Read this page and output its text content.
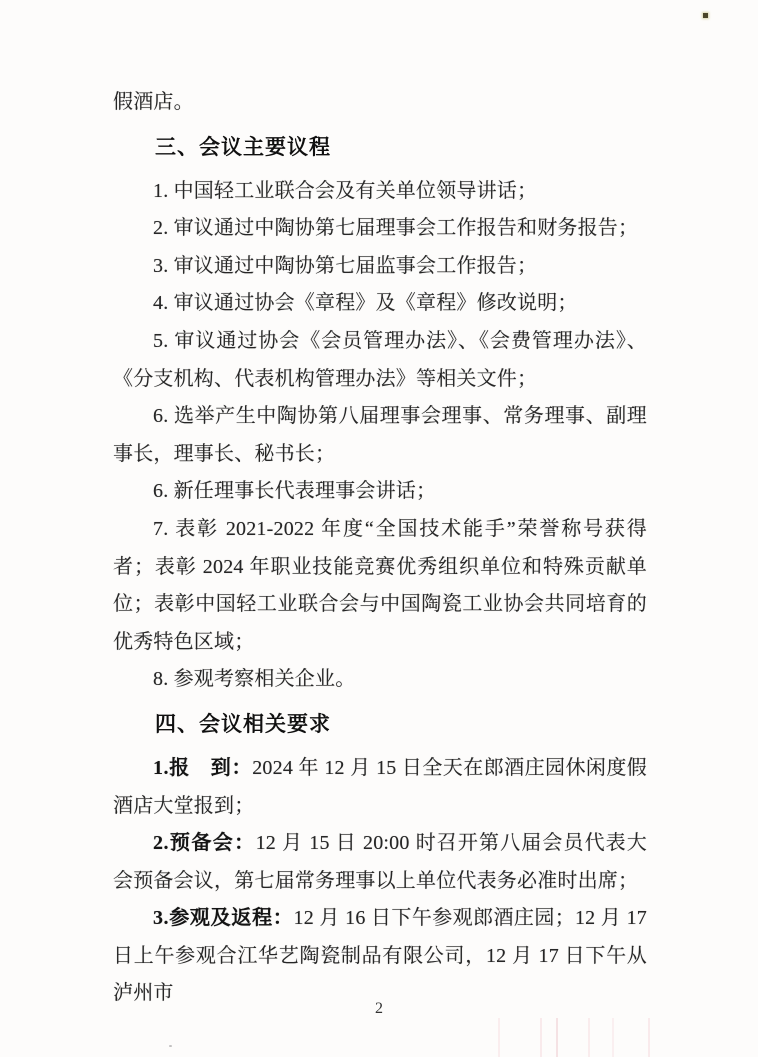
假酒店。

三、会议主要议程

1. 中国轻工业联合会及有关单位领导讲话；

2. 审议通过中陶协第七届理事会工作报告和财务报告；

3. 审议通过中陶协第七届监事会工作报告；

4. 审议通过协会《章程》及《章程》修改说明；

5. 审议通过协会《会员管理办法》、《会费管理办法》、《分支机构、代表机构管理办法》等相关文件；

6. 选举产生中陶协第八届理事会理事、常务理事、副理事长，理事长、秘书长；

6. 新任理事长代表理事会讲话；

7. 表彰 2021-2022 年度“全国技术能手”荣誉称号获得者；表彰 2024 年职业技能竞赛优秀组织单位和特殊贡献单位；表彰中国轻工业联合会与中国陶瓷工业协会共同培育的优秀特色区域；

8. 参观考察相关企业。

四、会议相关要求

1.报　到：2024 年 12 月 15 日全天在郎酒庄园休闲度假酒店大堂报到；

2.预备会：12 月 15 日 20:00 时召开第八届会员代表大会预备会议，第七届常务理事以上单位代表务必准时出席；

3.参观及返程：12 月 16 日下午参观郎酒庄园；12 月 17 日上午参观合江华艺陶瓷制品有限公司，12 月 17 日下午从泸州市

2
